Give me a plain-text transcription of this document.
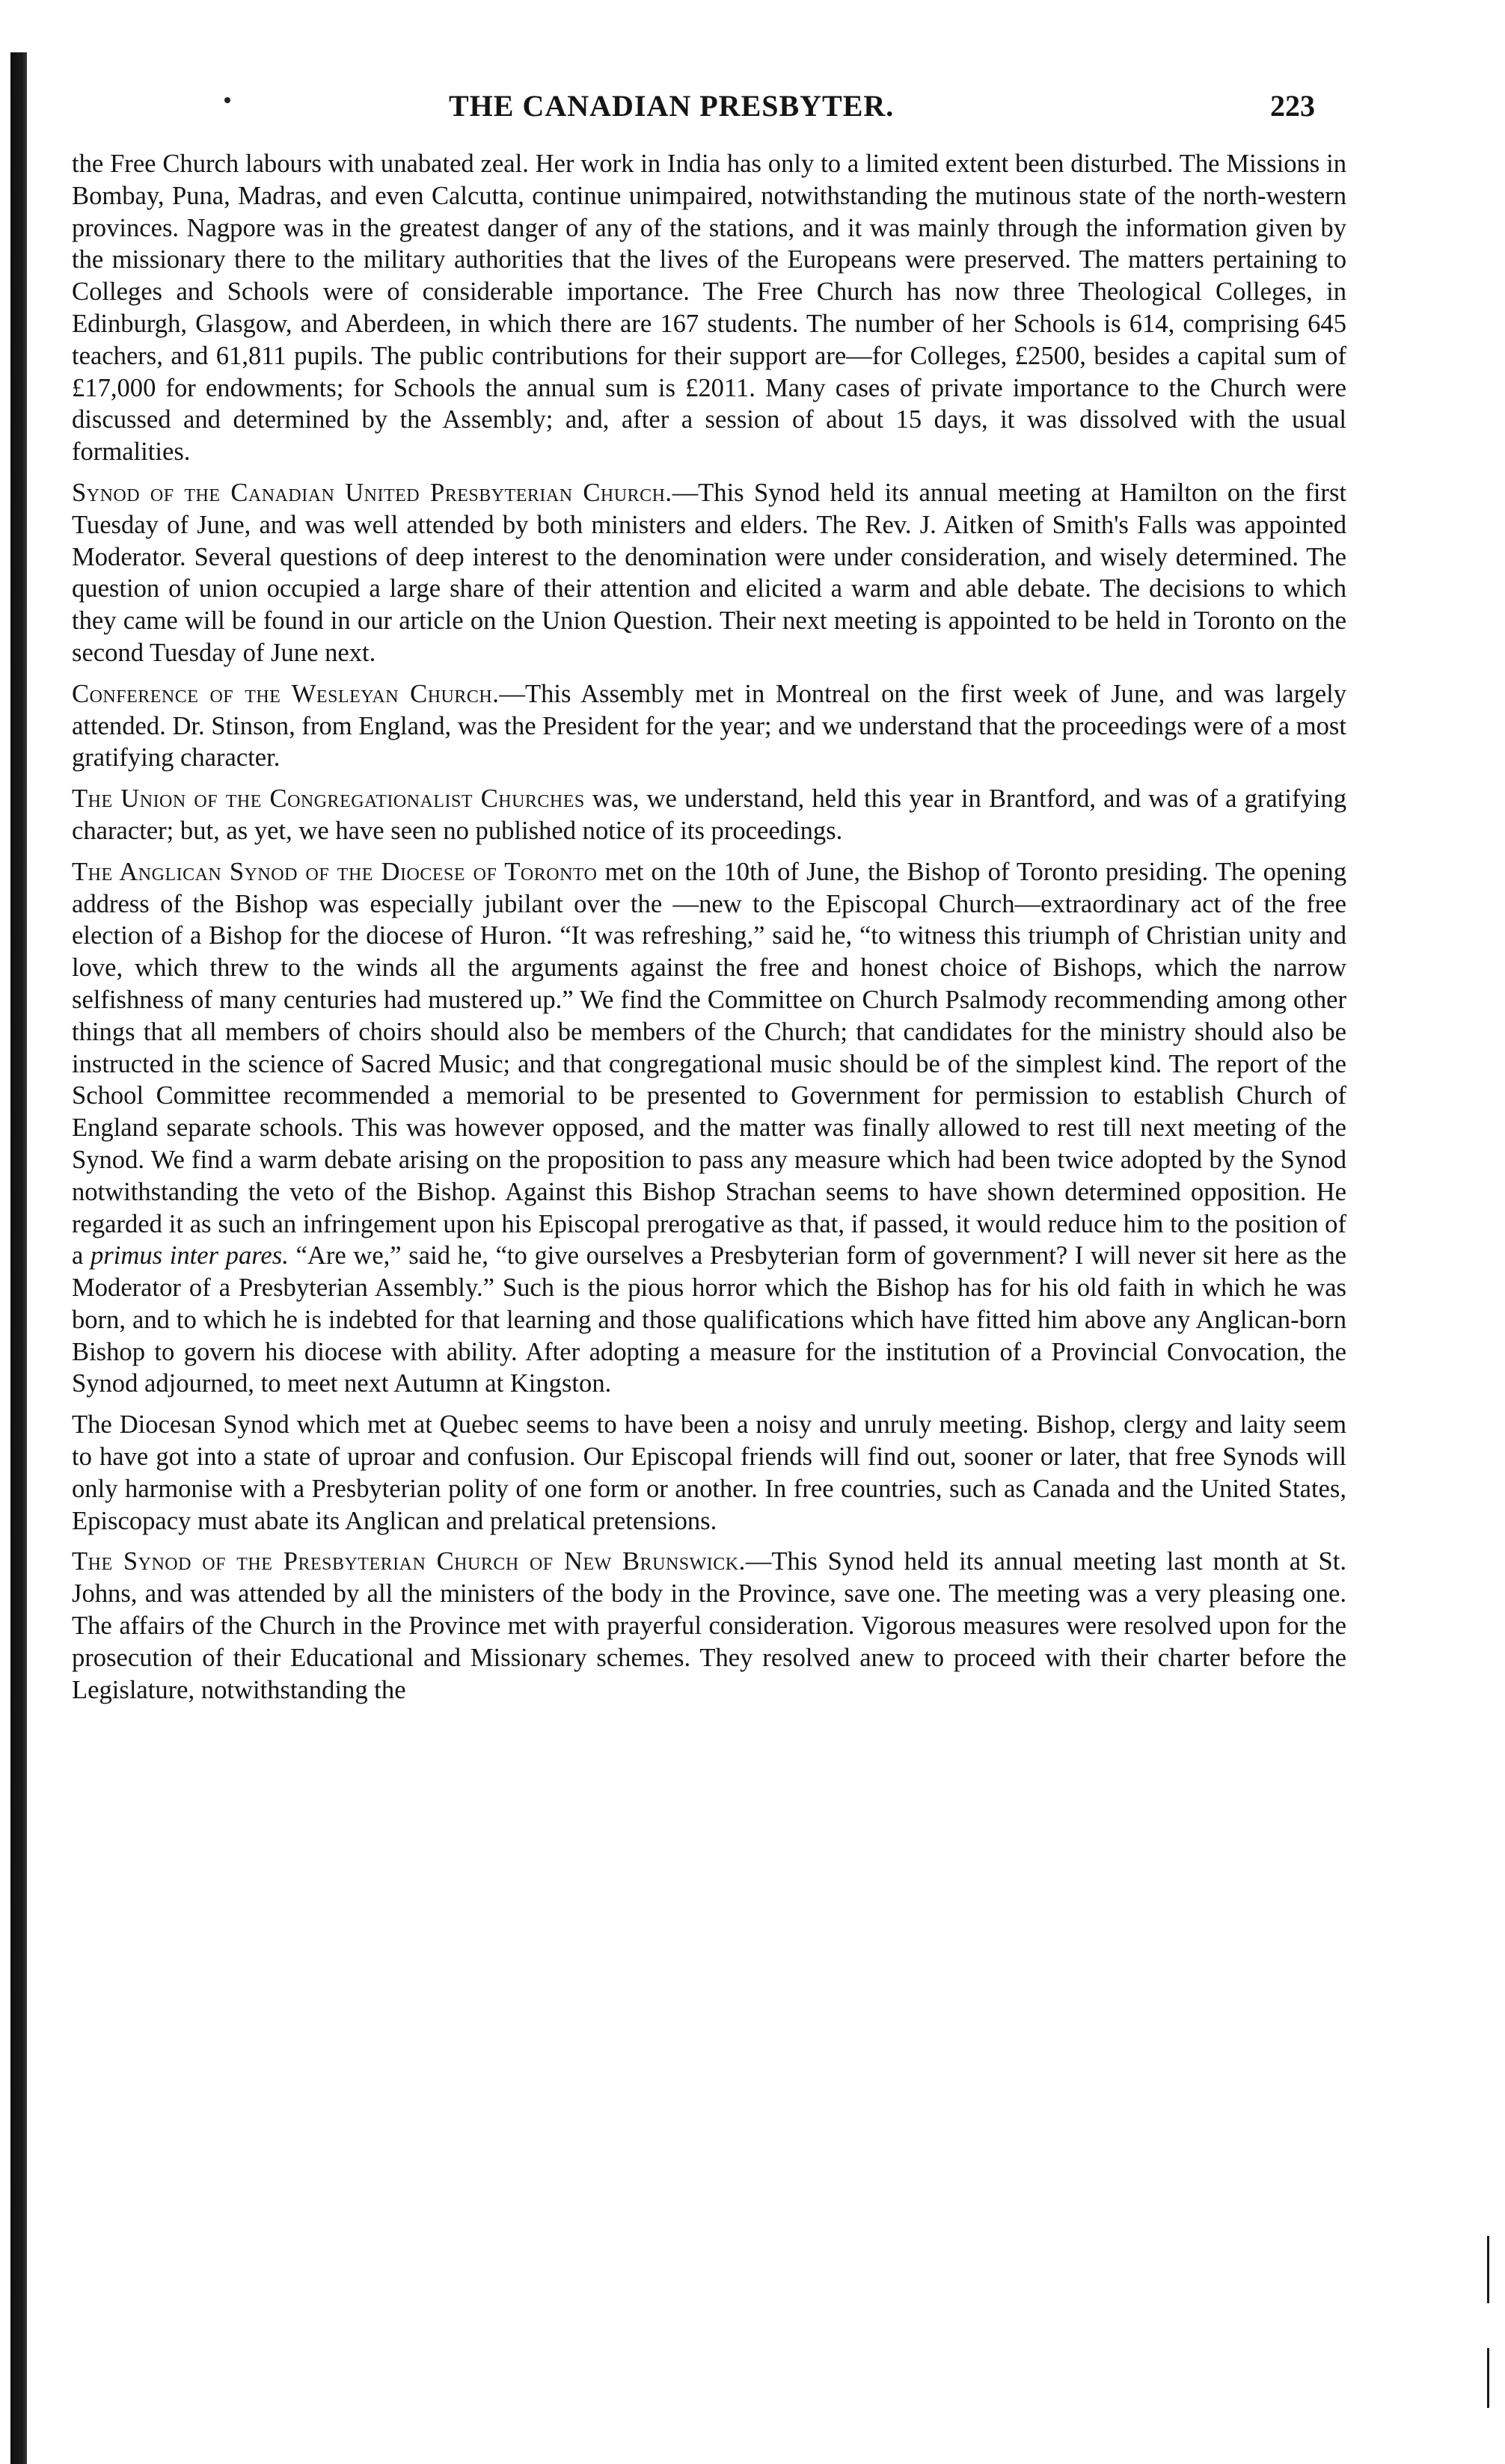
THE CANADIAN PRESBYTER.	223

the Free Church labours with unabated zeal. Her work in India has only to a limited extent been disturbed. The Missions in Bombay, Puna, Madras, and even Calcutta, continue unimpaired, notwithstanding the mutinous state of the north-western provinces. Nagpore was in the greatest danger of any of the stations, and it was mainly through the information given by the missionary there to the military authorities that the lives of the Europeans were preserved. The matters pertaining to Colleges and Schools were of considerable importance. The Free Church has now three Theological Colleges, in Edinburgh, Glasgow, and Aberdeen, in which there are 167 students. The number of her Schools is 614, comprising 645 teachers, and 61,811 pupils. The public contributions for their support are—for Colleges, £2500, besides a capital sum of £17,000 for endowments; for Schools the annual sum is £2011. Many cases of private importance to the Church were discussed and determined by the Assembly; and, after a session of about 15 days, it was dissolved with the usual formalities.

Synod of the Canadian United Presbyterian Church.—This Synod held its annual meeting at Hamilton on the first Tuesday of June, and was well attended by both ministers and elders. The Rev. J. Aitken of Smith's Falls was appointed Moderator. Several questions of deep interest to the denomination were under consideration, and wisely determined. The question of union occupied a large share of their attention and elicited a warm and able debate. The decisions to which they came will be found in our article on the Union Question. Their next meeting is appointed to be held in Toronto on the second Tuesday of June next.

Conference of the Wesleyan Church.—This Assembly met in Montreal on the first week of June, and was largely attended. Dr. Stinson, from England, was the President for the year; and we understand that the proceedings were of a most gratifying character.

The Union of the Congregationalist Churches was, we understand, held this year in Brantford, and was of a gratifying character; but, as yet, we have seen no published notice of its proceedings.

The Anglican Synod of the Diocese of Toronto met on the 10th of June, the Bishop of Toronto presiding. The opening address of the Bishop was especially jubilant over the —new to the Episcopal Church—extraordinary act of the free election of a Bishop for the diocese of Huron. “It was refreshing,” said he, “to witness this triumph of Christian unity and love, which threw to the winds all the arguments against the free and honest choice of Bishops, which the narrow selfishness of many centuries had mustered up.” We find the Committee on Church Psalmody recommending among other things that all members of choirs should also be members of the Church; that candidates for the ministry should also be instructed in the science of Sacred Music; and that congregational music should be of the simplest kind. The report of the School Committee recommended a memorial to be presented to Government for permission to establish Church of England separate schools. This was however opposed, and the matter was finally allowed to rest till next meeting of the Synod. We find a warm debate arising on the proposition to pass any measure which had been twice adopted by the Synod notwithstanding the veto of the Bishop. Against this Bishop Strachan seems to have shown determined opposition. He regarded it as such an infringement upon his Episcopal prerogative as that, if passed, it would reduce him to the position of a primus inter pares. “Are we,” said he, “to give ourselves a Presbyterian form of government? I will never sit here as the Moderator of a Presbyterian Assembly.” Such is the pious horror which the Bishop has for his old faith in which he was born, and to which he is indebted for that learning and those qualifications which have fitted him above any Anglican-born Bishop to govern his diocese with ability. After adopting a measure for the institution of a Provincial Convocation, the Synod adjourned, to meet next Autumn at Kingston.

The Diocesan Synod which met at Quebec seems to have been a noisy and unruly meeting. Bishop, clergy and laity seem to have got into a state of uproar and confusion. Our Episcopal friends will find out, sooner or later, that free Synods will only harmonise with a Presbyterian polity of one form or another. In free countries, such as Canada and the United States, Episcopacy must abate its Anglican and prelatical pretensions.

The Synod of the Presbyterian Church of New Brunswick.—This Synod held its annual meeting last month at St. Johns, and was attended by all the ministers of the body in the Province, save one. The meeting was a very pleasing one. The affairs of the Church in the Province met with prayerful consideration. Vigorous measures were resolved upon for the prosecution of their Educational and Missionary schemes. They resolved anew to proceed with their charter before the Legislature, notwithstanding the
